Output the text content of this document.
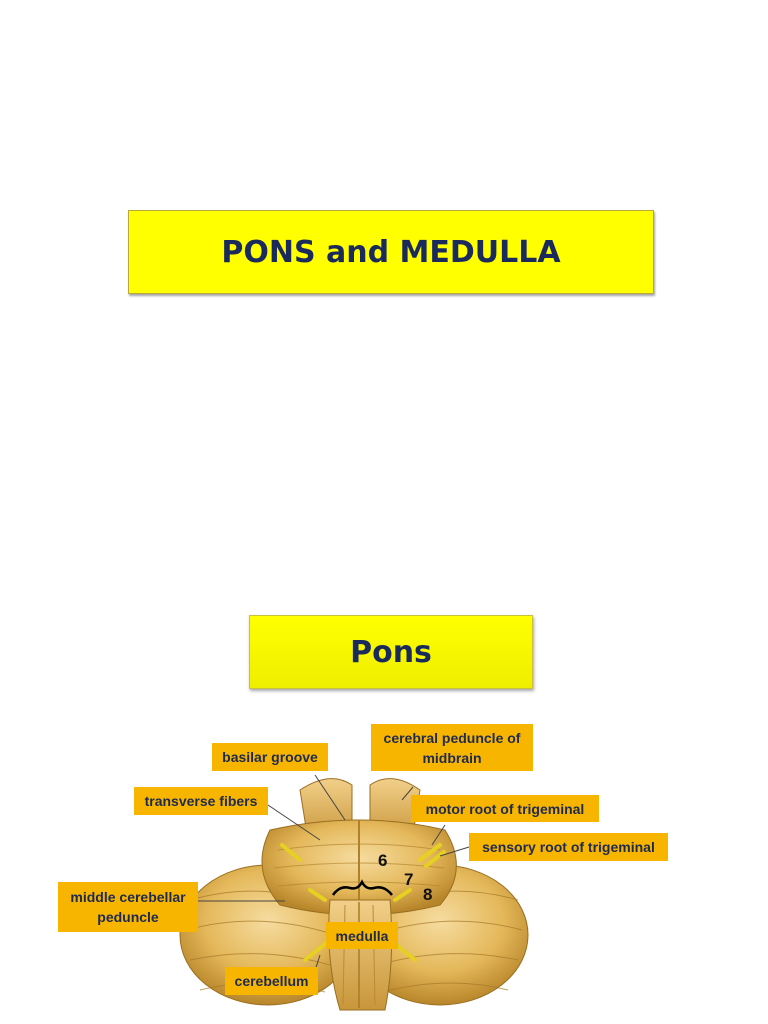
PONS and MEDULLA
Pons
basilar groove
cerebral peduncle of midbrain
transverse fibers	motor root of trigeminal
sensory root of trigeminal
middle cerebellar peduncle
medulla
cerebellum
6
7
8
